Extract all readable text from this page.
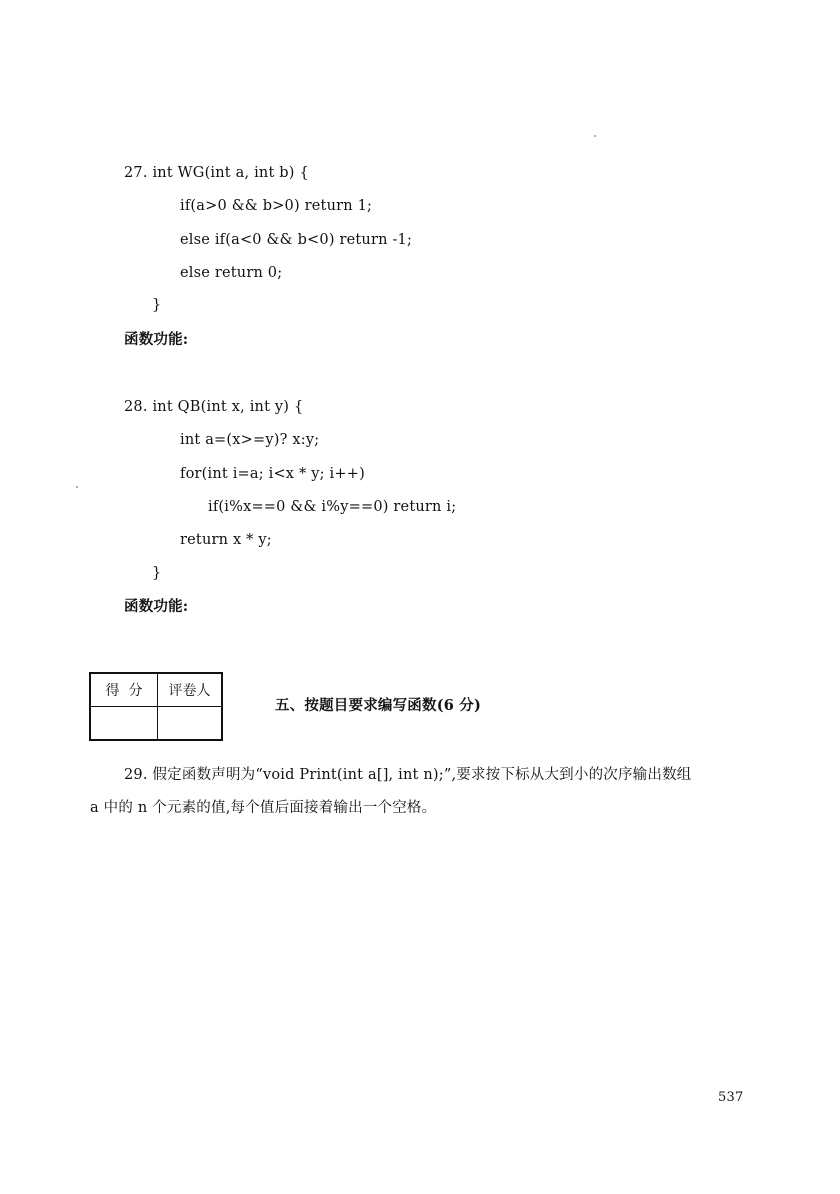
27. int WG(int a, int b) {
if(a>0 && b>0) return 1;
else if(a<0 && b<0) return -1;
else return 0;
}
函数功能:
28. int QB(int x, int y) {
int a=(x>=y)? x:y;
for(int i=a; i<x * y; i++)
if(i%x==0 && i%y==0) return i;
return x * y;
}
函数功能:
得  分	评卷人

五、按题目要求编写函数(6 分)
29. 假定函数声明为“void Print(int a[], int n);”,要求按下标从大到小的次序输出数组
a 中的 n 个元素的值,每个值后面接着输出一个空格。
537
